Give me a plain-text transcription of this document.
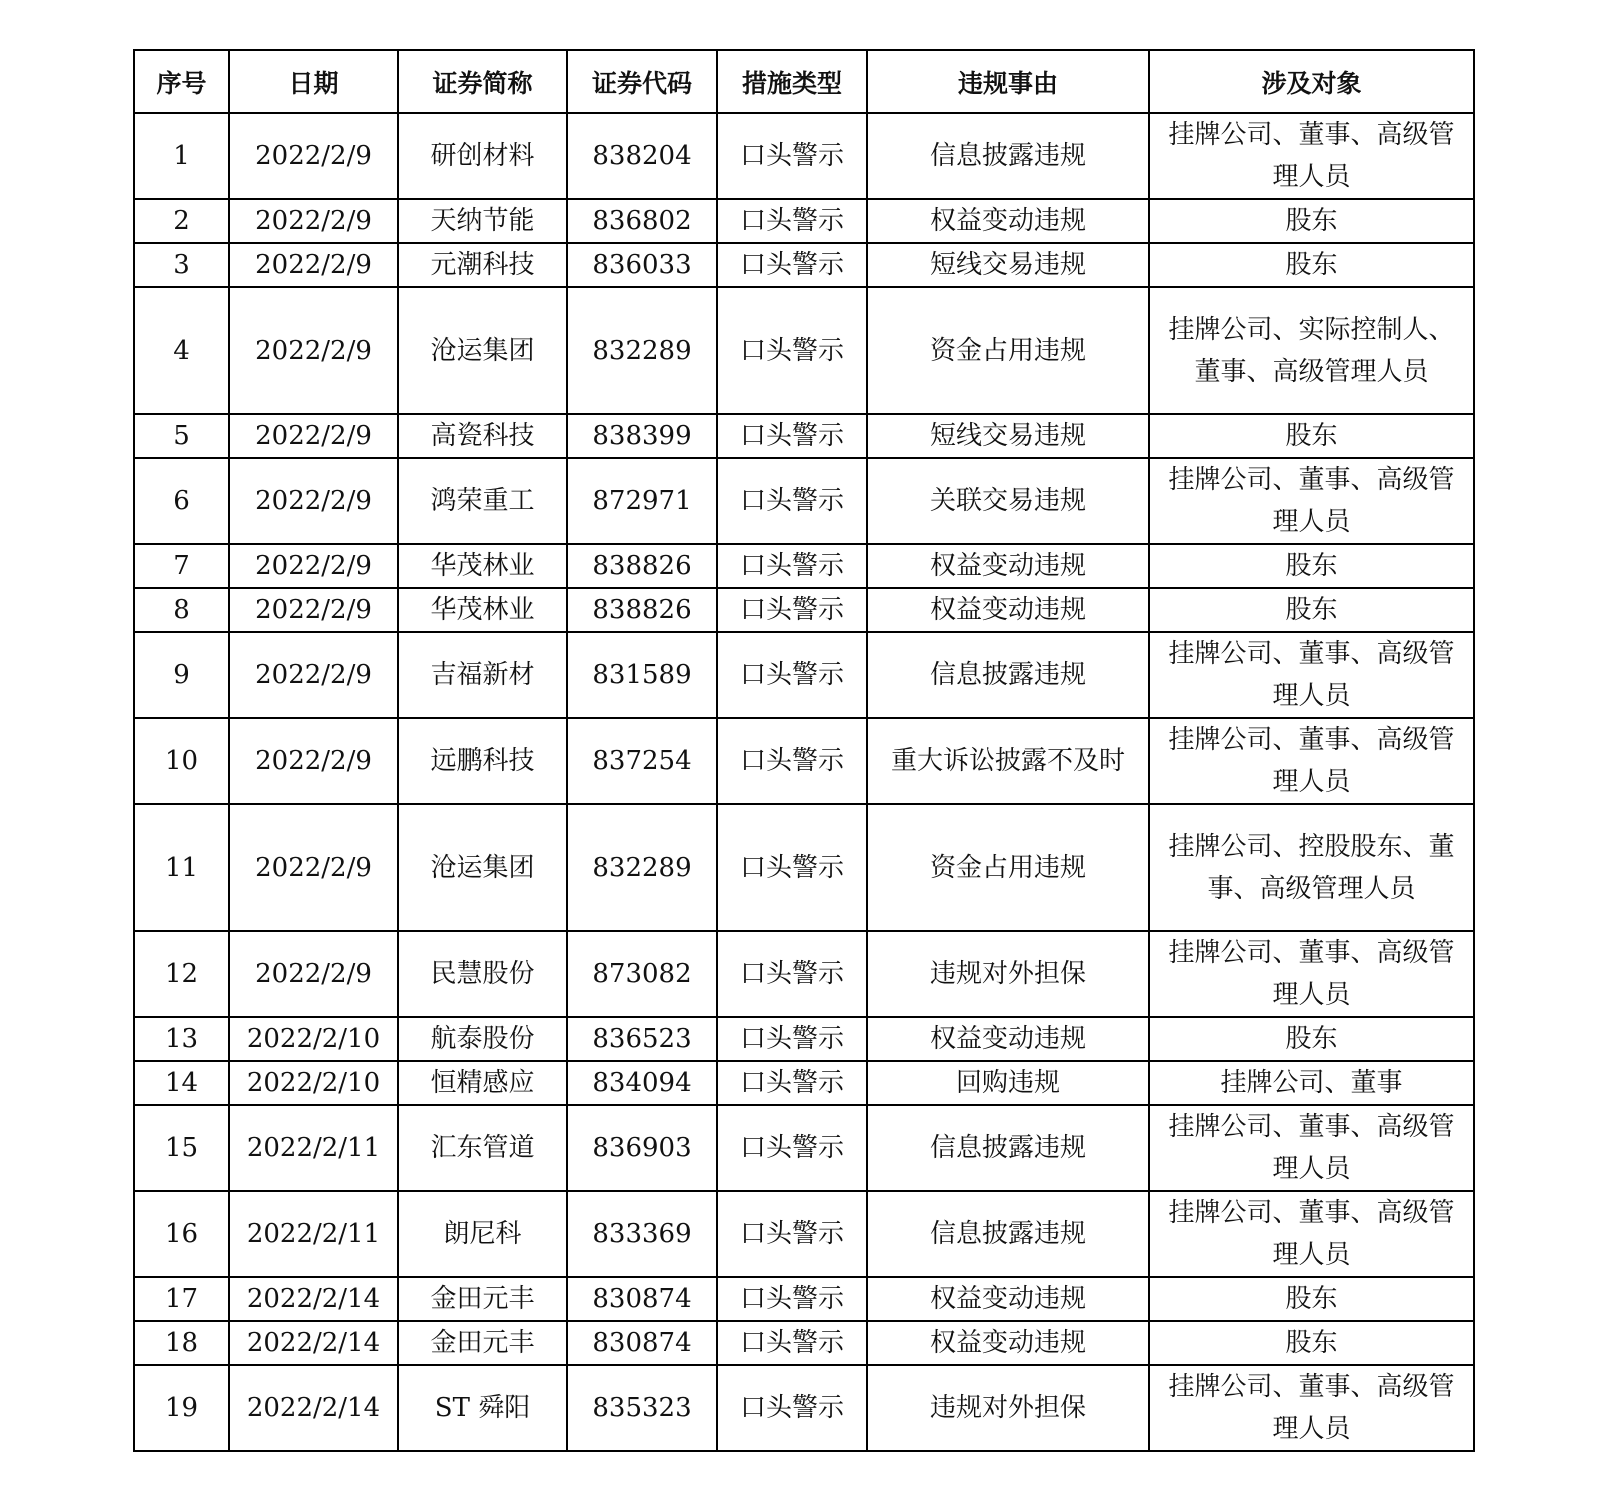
序号	日期	证券简称	证券代码	措施类型	违规事由	涉及对象
1	2022/2/9	研创材料	838204	口头警示	信息披露违规	挂牌公司、董事、高级管理人员
2	2022/2/9	天纳节能	836802	口头警示	权益变动违规	股东
3	2022/2/9	元潮科技	836033	口头警示	短线交易违规	股东
4	2022/2/9	沧运集团	832289	口头警示	资金占用违规	挂牌公司、实际控制人、董事、高级管理人员
5	2022/2/9	高瓷科技	838399	口头警示	短线交易违规	股东
6	2022/2/9	鸿荣重工	872971	口头警示	关联交易违规	挂牌公司、董事、高级管理人员
7	2022/2/9	华茂林业	838826	口头警示	权益变动违规	股东
8	2022/2/9	华茂林业	838826	口头警示	权益变动违规	股东
9	2022/2/9	吉福新材	831589	口头警示	信息披露违规	挂牌公司、董事、高级管理人员
10	2022/2/9	远鹏科技	837254	口头警示	重大诉讼披露不及时	挂牌公司、董事、高级管理人员
11	2022/2/9	沧运集团	832289	口头警示	资金占用违规	挂牌公司、控股股东、董事、高级管理人员
12	2022/2/9	民慧股份	873082	口头警示	违规对外担保	挂牌公司、董事、高级管理人员
13	2022/2/10	航泰股份	836523	口头警示	权益变动违规	股东
14	2022/2/10	恒精感应	834094	口头警示	回购违规	挂牌公司、董事
15	2022/2/11	汇东管道	836903	口头警示	信息披露违规	挂牌公司、董事、高级管理人员
16	2022/2/11	朗尼科	833369	口头警示	信息披露违规	挂牌公司、董事、高级管理人员
17	2022/2/14	金田元丰	830874	口头警示	权益变动违规	股东
18	2022/2/14	金田元丰	830874	口头警示	权益变动违规	股东
19	2022/2/14	ST 舜阳	835323	口头警示	违规对外担保	挂牌公司、董事、高级管理人员
